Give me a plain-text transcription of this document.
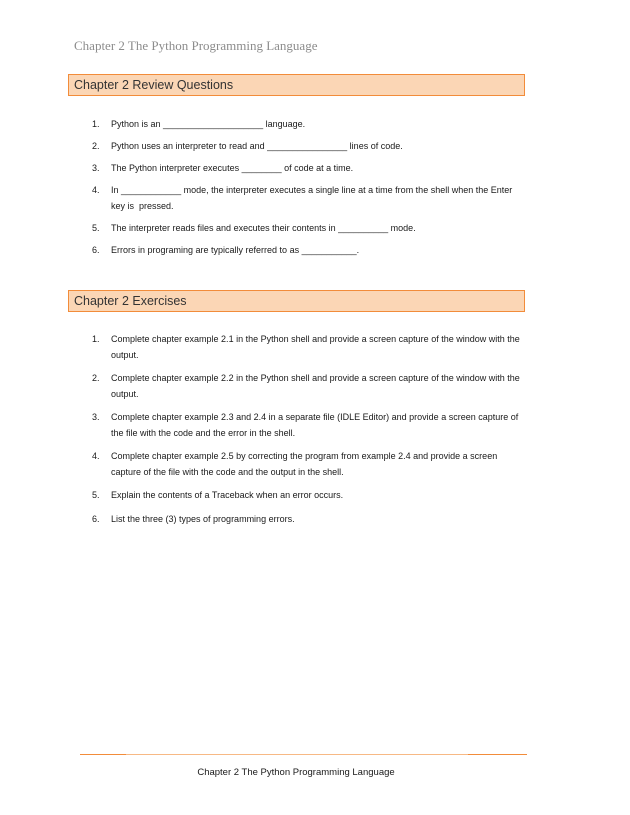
Chapter 2 The Python Programming Language
Chapter 2 Review Questions
1.	Python is an ____________________ language.
2.	Python uses an interpreter to read and ________________ lines of code.
3.	The Python interpreter executes ________ of code at a time.
4.	In ____________ mode, the interpreter executes a single line at a time from the shell when the Enter key is  pressed.
5.	The interpreter reads files and executes their contents in __________ mode.
6.	Errors in programing are typically referred to as ___________.
Chapter 2 Exercises
1.	Complete chapter example 2.1 in the Python shell and provide a screen capture of the window with the output.
2.	Complete chapter example 2.2 in the Python shell and provide a screen capture of the window with the output.
3.	Complete chapter example 2.3 and 2.4 in a separate file (IDLE Editor) and provide a screen capture of the file with the code and the error in the shell.
4.	Complete chapter example 2.5 by correcting the program from example 2.4 and provide a screen capture of the file with the code and the output in the shell.
5.	Explain the contents of a Traceback when an error occurs.
6.	List the three (3) types of programming errors.
Chapter 2 The Python Programming Language
